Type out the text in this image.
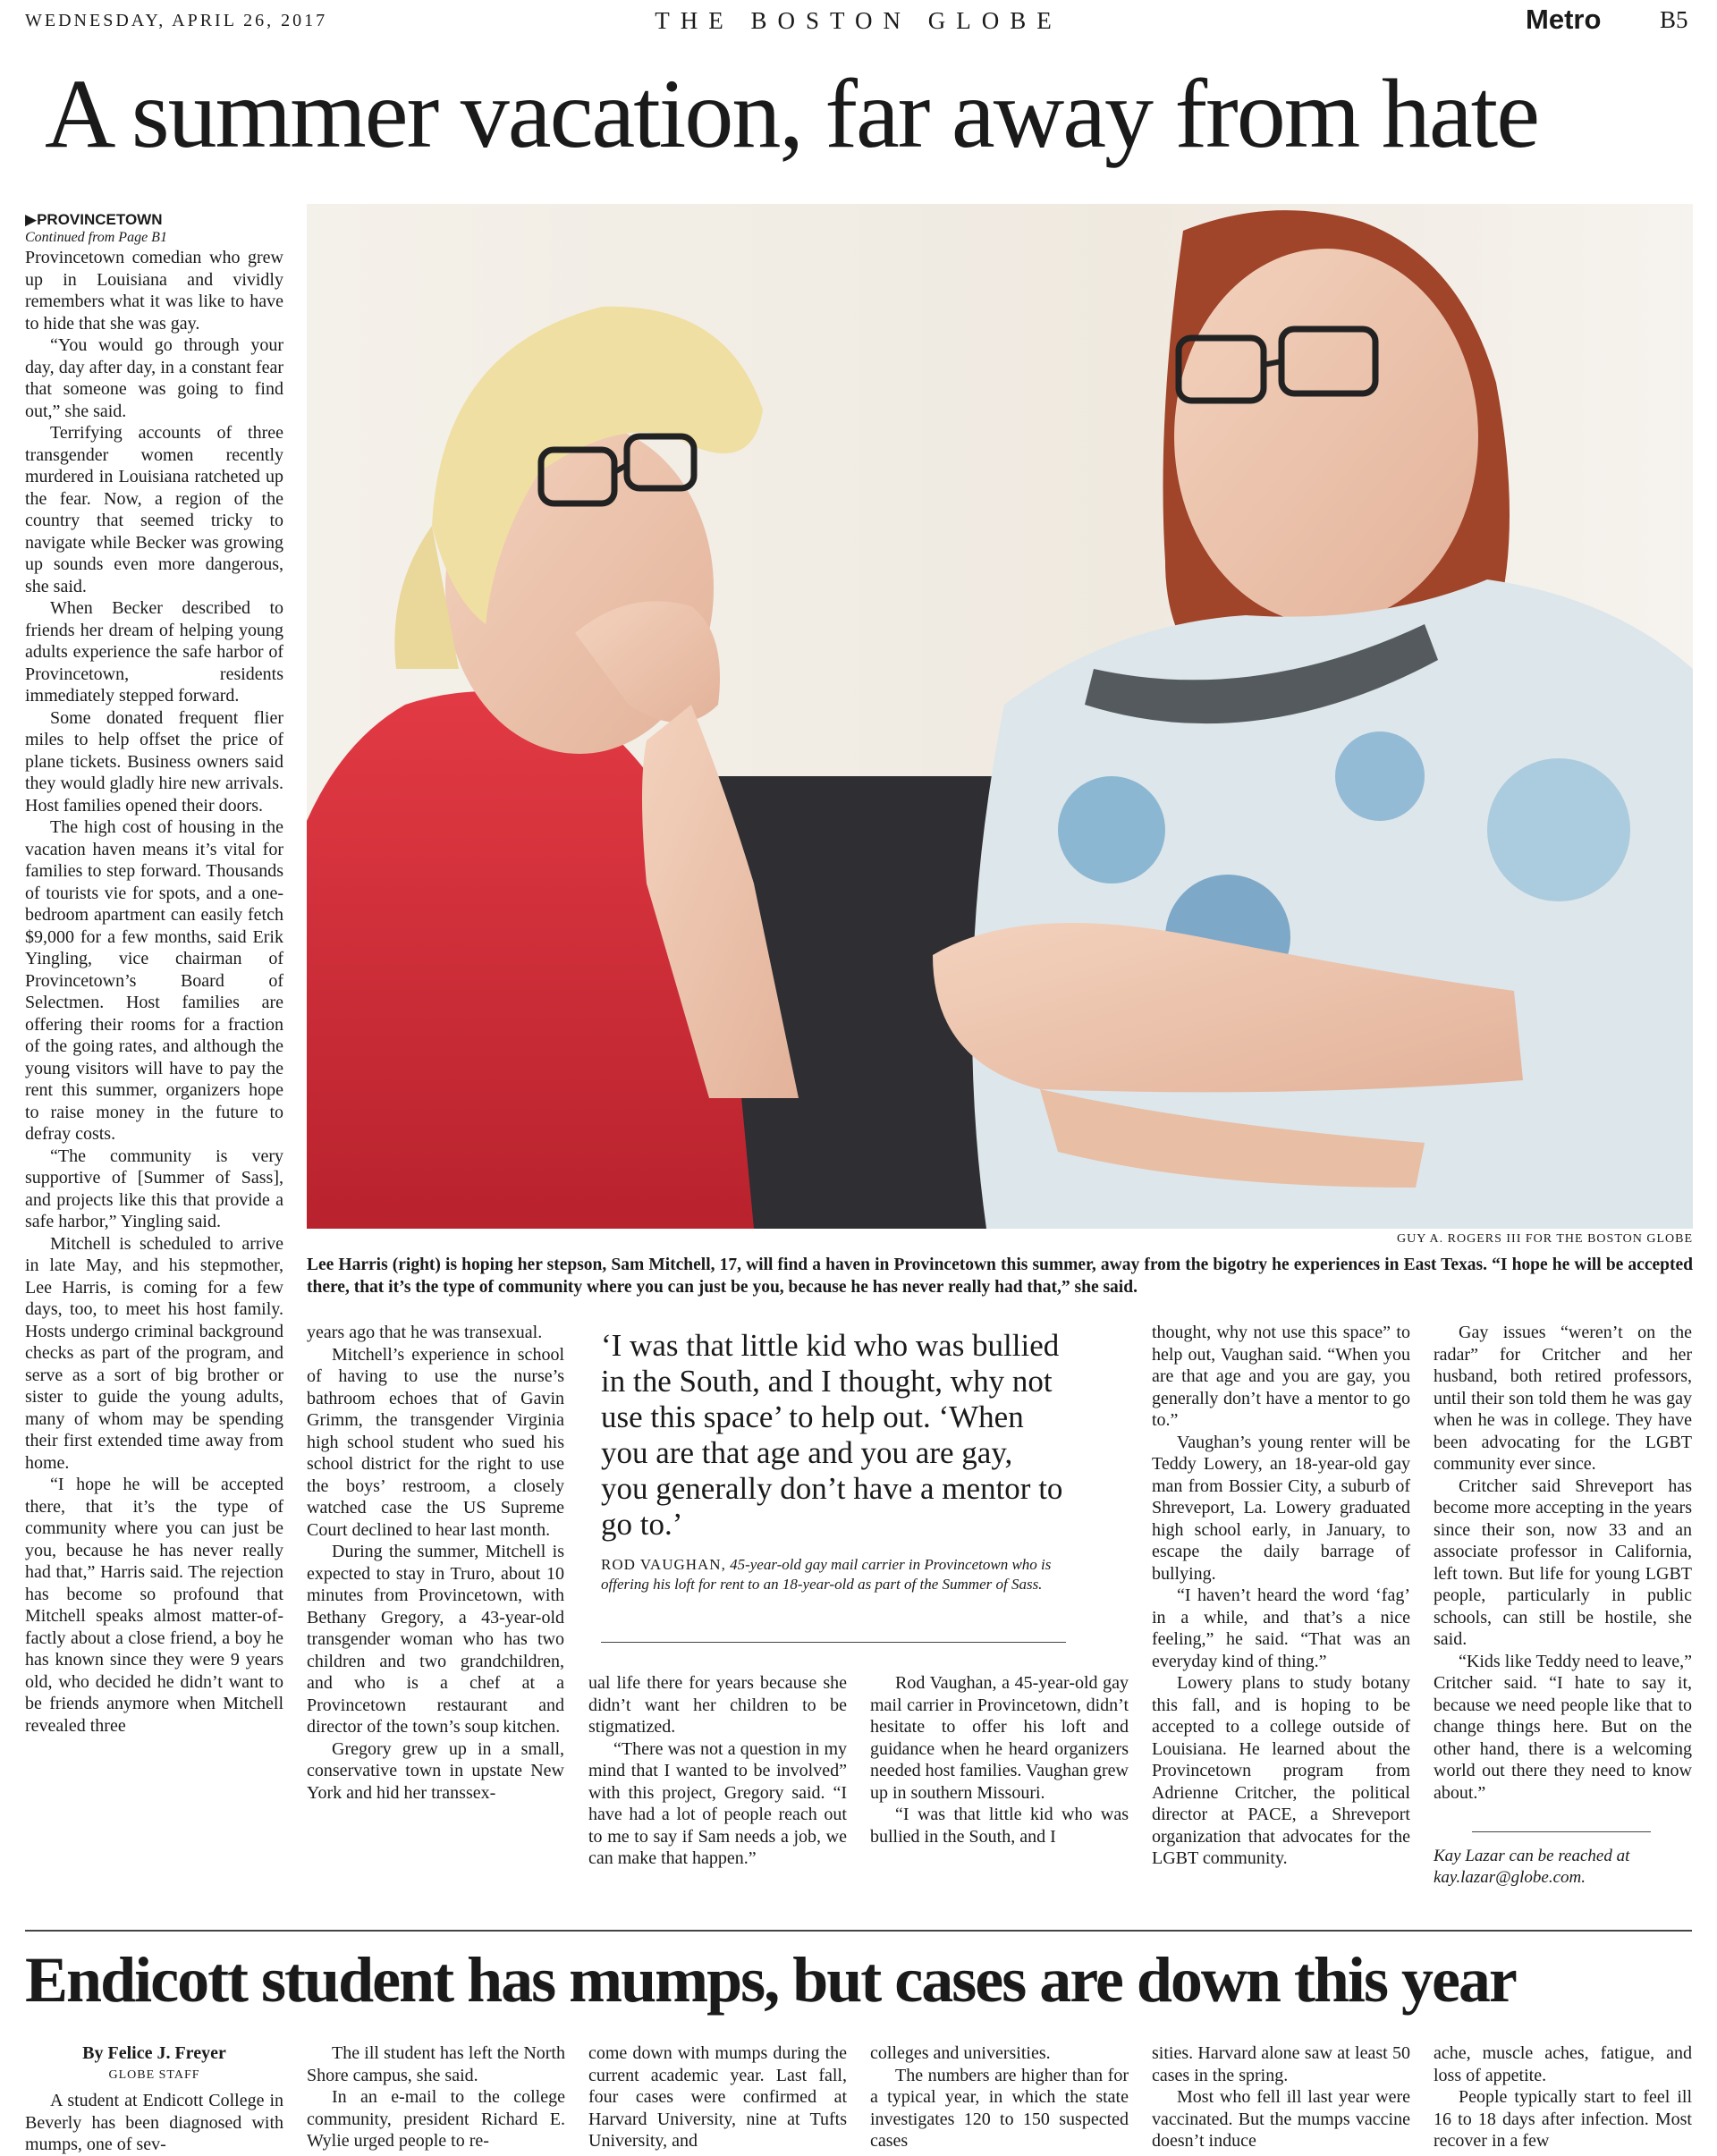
WEDNESDAY, APRIL 26, 2017	THE BOSTON GLOBE	Metro B5
A summer vacation, far away from hate
▶PROVINCETOWN
Continued from Page B1

Provincetown comedian who grew up in Louisiana and vividly remembers what it was like to have to hide that she was gay.

“You would go through your day, day after day, in a constant fear that someone was going to find out,” she said.

Terrifying accounts of three transgender women recently murdered in Louisiana ratcheted up the fear. Now, a region of the country that seemed tricky to navigate while Becker was growing up sounds even more dangerous, she said.

When Becker described to friends her dream of helping young adults experience the safe harbor of Provincetown, residents immediately stepped forward.

Some donated frequent flier miles to help offset the price of plane tickets. Business owners said they would gladly hire new arrivals. Host families opened their doors.

The high cost of housing in the vacation haven means it’s vital for families to step forward. Thousands of tourists vie for spots, and a one-bedroom apartment can easily fetch $9,000 for a few months, said Erik Yingling, vice chairman of Provincetown’s Board of Selectmen. Host families are offering their rooms for a fraction of the going rates, and although the young visitors will have to pay the rent this summer, organizers hope to raise money in the future to defray costs.

“The community is very supportive of [Summer of Sass], and projects like this that provide a safe harbor,” Yingling said.

Mitchell is scheduled to arrive in late May, and his stepmother, Lee Harris, is coming for a few days, too, to meet his host family. Hosts undergo criminal background checks as part of the program, and serve as a sort of big brother or sister to guide the young adults, many of whom may be spending their first extended time away from home.

“I hope he will be accepted there, that it’s the type of community where you can just be you, because he has never really had that,” Harris said. The rejection has become so profound that Mitchell speaks almost matter-of-factly about a close friend, a boy he has known since they were 9 years old, who decided he didn’t want to be friends anymore when Mitchell revealed three

GUY A. ROGERS III FOR THE BOSTON GLOBE
Lee Harris (right) is hoping her stepson, Sam Mitchell, 17, will find a haven in Provincetown this summer, away from the bigotry he experiences in East Texas. “I hope he will be accepted there, that it’s the type of community where you can just be you, because he has never really had that,” she said.

years ago that he was transexual.

Mitchell’s experience in school of having to use the nurse’s bathroom echoes that of Gavin Grimm, the transgender Virginia high school student who sued his school district for the right to use the boys’ restroom, a closely watched case the US Supreme Court declined to hear last month.

During the summer, Mitchell is expected to stay in Truro, about 10 minutes from Provincetown, with Bethany Gregory, a 43-year-old transgender woman who has two children and two grandchildren, and who is a chef at a Provincetown restaurant and director of the town’s soup kitchen.

Gregory grew up in a small, conservative town in upstate New York and hid her transsex-

‘I was that little kid who was bullied in the South, and I thought, why not use this space’ to help out. ‘When you are that age and you are gay, you generally don’t have a mentor to go to.’
ROD VAUGHAN, 45-year-old gay mail carrier in Provincetown who is offering his loft for rent to an 18-year-old as part of the Summer of Sass.

ual life there for years because she didn’t want her children to be stigmatized.

“There was not a question in my mind that I wanted to be involved” with this project, Gregory said. “I have had a lot of people reach out to me to say if Sam needs a job, we can make that happen.”

Rod Vaughan, a 45-year-old gay mail carrier in Provincetown, didn’t hesitate to offer his loft and guidance when he heard organizers needed host families. Vaughan grew up in southern Missouri.

“I was that little kid who was bullied in the South, and I

thought, why not use this space” to help out, Vaughan said. “When you are that age and you are gay, you generally don’t have a mentor to go to.”

Vaughan’s young renter will be Teddy Lowery, an 18-year-old gay man from Bossier City, a suburb of Shreveport, La. Lowery graduated high school early, in January, to escape the daily barrage of bullying.

“I haven’t heard the word ‘fag’ in a while, and that’s a nice feeling,” he said. “That was an everyday kind of thing.”

Lowery plans to study botany this fall, and is hoping to be accepted to a college outside of Louisiana. He learned about the Provincetown program from Adrienne Critcher, the political director at PACE, a Shreveport organization that advocates for the LGBT community.

Gay issues “weren’t on the radar” for Critcher and her husband, both retired professors, until their son told them he was gay when he was in college. They have been advocating for the LGBT community ever since.

Critcher said Shreveport has become more accepting in the years since their son, now 33 and an associate professor in California, left town. But life for young LGBT people, particularly in public schools, can still be hostile, she said.

“Kids like Teddy need to leave,” Critcher said. “I hate to say it, because we need people like that to change things here. But on the other hand, there is a welcoming world out there they need to know about.”

Kay Lazar can be reached at kay.lazar@globe.com.
Endicott student has mumps, but cases are down this year
By Felice J. Freyer
GLOBE STAFF

A student at Endicott College in Beverly has been diagnosed with mumps, one of sev-

The ill student has left the North Shore campus, she said.

In an e-mail to the college community, president Richard E. Wylie urged people to re-

come down with mumps during the current academic year. Last fall, four cases were confirmed at Harvard University, nine at Tufts University, and

colleges and universities.

The numbers are higher than for a typical year, in which the state investigates 120 to 150 suspected cases

sities. Harvard alone saw at least 50 cases in the spring.

Most who fell ill last year were vaccinated. But the mumps vaccine doesn’t induce

ache, muscle aches, fatigue, and loss of appetite.

People typically start to feel ill 16 to 18 days after infection. Most recover in a few
